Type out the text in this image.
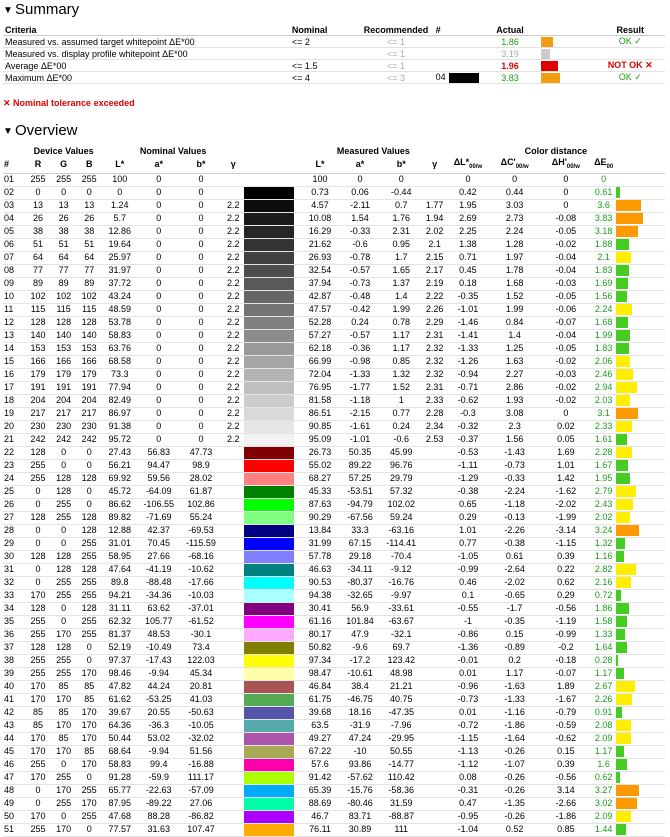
▼ Summary
Criteria	Nominal	Recommended	#	Actual		Result
Measured vs. assumed target whitepoint ΔE*00	<= 2	<= 1		1.86		OK ✓
Measured vs. display profile whitepoint ΔE*00		<= 1		3.19		
Average ΔE*00	<= 1.5	<= 1		1.96		NOT OK ✕
Maximum ΔE*00	<= 4	<= 3	04	3.83		OK ✓
✕ Nominal tolerance exceeded
▼ Overview
	Device Values			Nominal Values					Measured Values				Color distance				
#	R	G	B	L*	a*	b*	γ		L*	a*	b*	γ	$\Delta L*_{00/w}$	$\Delta C'_{00/w}$	$\Delta H'_{00/w}$	$\Delta E_{00}$	
01	255	255	255	100	0	0			100	0	0		0	0	0	0	

02	0	0	0	0	0	0			0.73	0.06	-0.44		0.42	0.44	0	0.61	

03	13	13	13	1.24	0	0	2.2		4.57	-2.11	0.7	1.77	1.95	3.03	0	3.6	

04	26	26	26	5.7	0	0	2.2		10.08	1.54	1.76	1.94	2.69	2.73	-0.08	3.83	

05	38	38	38	12.86	0	0	2.2		16.29	-0.33	2.31	2.02	2.25	2.24	-0.05	3.18	

06	51	51	51	19.64	0	0	2.2		21.62	-0.6	0.95	2.1	1.38	1.28	-0.02	1.88	

07	64	64	64	25.97	0	0	2.2		26.93	-0.78	1.7	2.15	0.71	1.97	-0.04	2.1	

08	77	77	77	31.97	0	0	2.2		32.54	-0.57	1.65	2.17	0.45	1.78	-0.04	1.83	

09	89	89	89	37.72	0	0	2.2		37.94	-0.73	1.37	2.19	0.18	1.68	-0.03	1.69	

10	102	102	102	43.24	0	0	2.2		42.87	-0.48	1.4	2.22	-0.35	1.52	-0.05	1.56	

11	115	115	115	48.59	0	0	2.2		47.57	-0.42	1.99	2.26	-1.01	1.99	-0.06	2.24	

12	128	128	128	53.78	0	0	2.2		52.28	0.24	0.78	2.29	-1.46	0.84	-0.07	1.68	

13	140	140	140	58.83	0	0	2.2		57.27	-0.57	1.17	2.31	-1.41	1.4	-0.04	1.99	

14	153	153	153	63.76	0	0	2.2		62.18	-0.36	1.17	2.32	-1.33	1.25	-0.05	1.83	

15	166	166	166	68.58	0	0	2.2		66.99	-0.98	0.85	2.32	-1.26	1.63	-0.02	2.06	

16	179	179	179	73.3	0	0	2.2		72.04	-1.33	1.32	2.32	-0.94	2.27	-0.03	2.46	

17	191	191	191	77.94	0	0	2.2		76.95	-1.77	1.52	2.31	-0.71	2.86	-0.02	2.94	

18	204	204	204	82.49	0	0	2.2		81.58	-1.18	1	2.33	-0.62	1.93	-0.02	2.03	

19	217	217	217	86.97	0	0	2.2		86.51	-2.15	0.77	2.28	-0.3	3.08	0	3.1	

20	230	230	230	91.38	0	0	2.2		90.85	-1.61	0.24	2.34	-0.32	2.3	0.02	2.33	

21	242	242	242	95.72	0	0	2.2		95.09	-1.01	-0.6	2.53	-0.37	1.56	0.05	1.61	

22	128	0	0	27.43	56.83	47.73			26.73	50.35	45.99		-0.53	-1.43	1.69	2.28	

23	255	0	0	56.21	94.47	98.9			55.02	89.22	96.76		-1.11	-0.73	1.01	1.67	

24	255	128	128	69.92	59.56	28.02			68.27	57.25	29.79		-1.29	-0.33	1.42	1.95	

25	0	128	0	45.72	-64.09	61.87			45.33	-53.51	57.32		-0.38	-2.24	-1.62	2.79	

26	0	255	0	86.62	-106.55	102.86			87.63	-94.79	102.02		0.65	-1.18	-2.02	2.43	

27	128	255	128	89.82	-71.69	55.24			90.29	-67.56	59.24		0.29	-0.13	-1.99	2.02	

28	0	0	128	12.88	42.37	-69.53			13.84	33.3	-63.16		1.01	-2.26	-3.14	3.24	

29	0	0	255	31.01	70.45	-115.59			31.99	67.15	-114.41		0.77	-0.38	-1.15	1.32	

30	128	128	255	58.95	27.66	-68.16			57.78	29.18	-70.4		-1.05	0.61	0.39	1.16	

31	0	128	128	47.64	-41.19	-10.62			46.63	-34.11	-9.12		-0.99	-2.64	0.22	2.82	

32	0	255	255	89.8	-88.48	-17.66			90.53	-80.37	-16.76		0.46	-2.02	0.62	2.16	

33	170	255	255	94.21	-34.36	-10.03			94.38	-32.65	-9.97		0.1	-0.65	0.29	0.72	

34	128	0	128	31.11	63.62	-37.01			30.41	56.9	-33.61		-0.55	-1.7	-0.56	1.86	

35	255	0	255	62.32	105.77	-61.52			61.16	101.84	-63.67		-1	-0.35	-1.19	1.58	

36	255	170	255	81.37	48.53	-30.1			80.17	47.9	-32.1		-0.86	0.15	-0.99	1.33	

37	128	128	0	52.19	-10.49	73.4			50.82	-9.6	69.7		-1.36	-0.89	-0.2	1.64	

38	255	255	0	97.37	-17.43	122.03			97.34	-17.2	123.42		-0.01	0.2	-0.18	0.28	

39	255	255	170	98.46	-9.94	45.34			98.47	-10.61	48.98		0.01	1.17	-0.07	1.17	

40	170	85	85	47.82	44.24	20.81			46.84	38.4	21.21		-0.96	-1.63	1.89	2.67	

41	170	170	85	61.62	-53.25	41.03			61.75	-46.75	40.75		-0.73	-1.33	-1.67	2.26	

42	85	85	170	39.67	20.55	-50.63			39.68	18.16	-47.35		0.01	-1.16	-0.79	0.91	

43	85	170	170	64.36	-36.3	-10.05			63.5	-31.9	-7.96		-0.72	-1.86	-0.59	2.08	

44	170	85	170	50.44	53.02	-32.02			49.27	47.24	-29.95		-1.15	-1.64	-0.62	2.09	

45	170	170	85	68.64	-9.94	51.56			67.22	-10	50.55		-1.13	-0.26	0.15	1.17	

46	255	0	170	58.83	99.4	-16.88			57.6	93.86	-14.77		-1.12	-1.07	0.39	1.6	

47	170	255	0	91.28	-59.9	111.17			91.42	-57.62	110.42		0.08	-0.26	-0.56	0.62	

48	0	170	255	65.77	-22.63	-57.09			65.39	-15.76	-58.36		-0.31	-0.26	3.14	3.27	

49	0	255	170	87.95	-89.22	27.06			88.69	-80.46	31.59		0.47	-1.35	-2.66	3.02	

50	170	0	255	47.68	88.28	-86.82			46.7	83.71	-88.87		-0.95	-0.26	-1.86	2.09	

51	255	170	0	77.57	31.63	107.47			76.11	30.89	111		-1.04	0.52	0.85	1.44	
